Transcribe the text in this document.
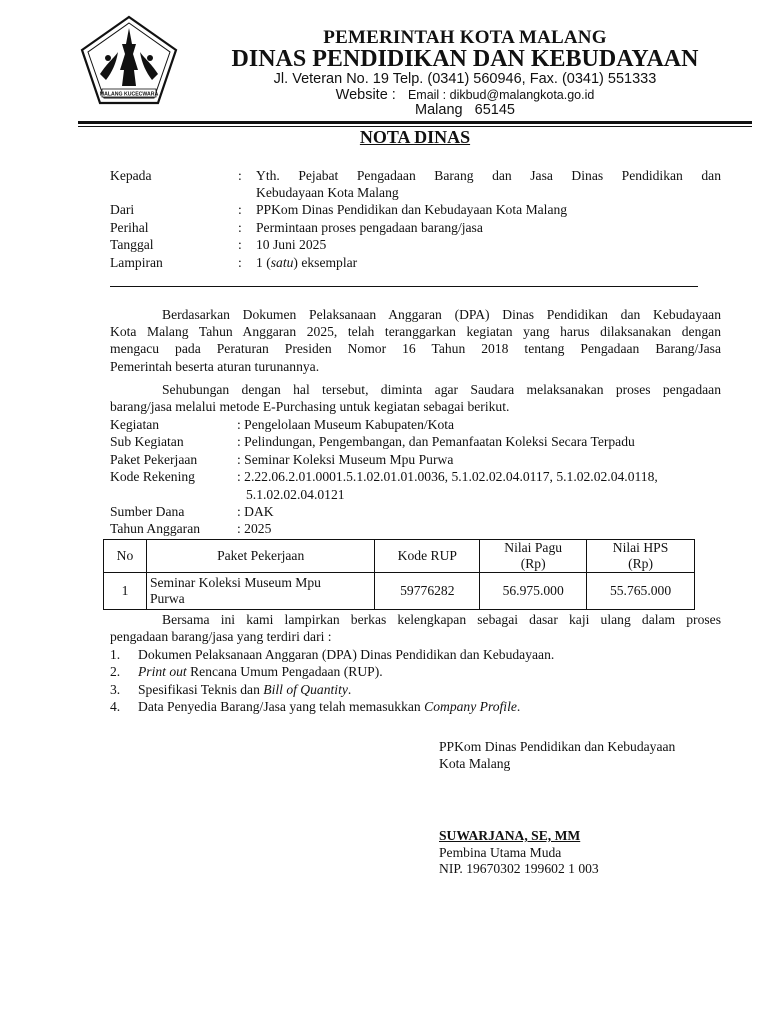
MALANG KUCECWARA
PEMERINTAH KOTA MALANG
DINAS PENDIDIKAN DAN KEBUDAYAAN
Jl. Veteran No. 19 Telp. (0341) 560946, Fax. (0341) 551333
Website : Email : dikbud@malangkota.go.id
Malang   65145
NOTA DINAS
Kepada	: Yth.  Pejabat  Pengadaan  Barang  dan  Jasa  Dinas  Pendidikan  dan
Kebudayaan Kota Malang
Dari	: PPKom Dinas Pendidikan dan Kebudayaan Kota Malang
Perihal	: Permintaan proses pengadaan barang/jasa
Tanggal	: 10 Juni 2025
Lampiran	: 1 (satu) eksemplar
Berdasarkan Dokumen Pelaksanaan Anggaran (DPA) Dinas Pendidikan dan Kebudayaan
Kota Malang Tahun Anggaran 2025, telah teranggarkan kegiatan yang harus dilaksanakan dengan
mengacu pada Peraturan Presiden Nomor 16 Tahun 2018 tentang Pengadaan Barang/Jasa
Pemerintah beserta aturan turunannya.
Sehubungan dengan hal tersebut, diminta agar Saudara melaksanakan proses pengadaan
barang/jasa melalui metode E-Purchasing untuk kegiatan sebagai berikut.
Kegiatan	: Pengelolaan Museum Kabupaten/Kota
Sub Kegiatan	: Pelindungan, Pengembangan, dan Pemanfaatan Koleksi Secara Terpadu
Paket Pekerjaan	: Seminar Koleksi Museum Mpu Purwa
Kode Rekening	: 2.22.06.2.01.0001.5.1.02.01.01.0036, 5.1.02.02.04.0117, 5.1.02.02.04.0118,
5.1.02.02.04.0121
Sumber Dana	: DAK
Tahun Anggaran	: 2025
No	Paket Pekerjaan	Kode RUP	Nilai Pagu
(Rp)	Nilai HPS
(Rp)
1	Seminar Koleksi Museum Mpu
Purwa	59776282	56.975.000	55.765.000
Bersama ini kami lampirkan berkas kelengkapan sebagai dasar kaji ulang dalam proses
pengadaan barang/jasa yang terdiri dari :
1. Dokumen Pelaksanaan Anggaran (DPA) Dinas Pendidikan dan Kebudayaan.
2. Print out Rencana Umum Pengadaan (RUP).
3. Spesifikasi Teknis dan Bill of Quantity.
4. Data Penyedia Barang/Jasa yang telah memasukkan Company Profile.
PPKom Dinas Pendidikan dan Kebudayaan
Kota Malang
SUWARJANA, SE, MM
Pembina Utama Muda
NIP. 19670302 199602 1 003
